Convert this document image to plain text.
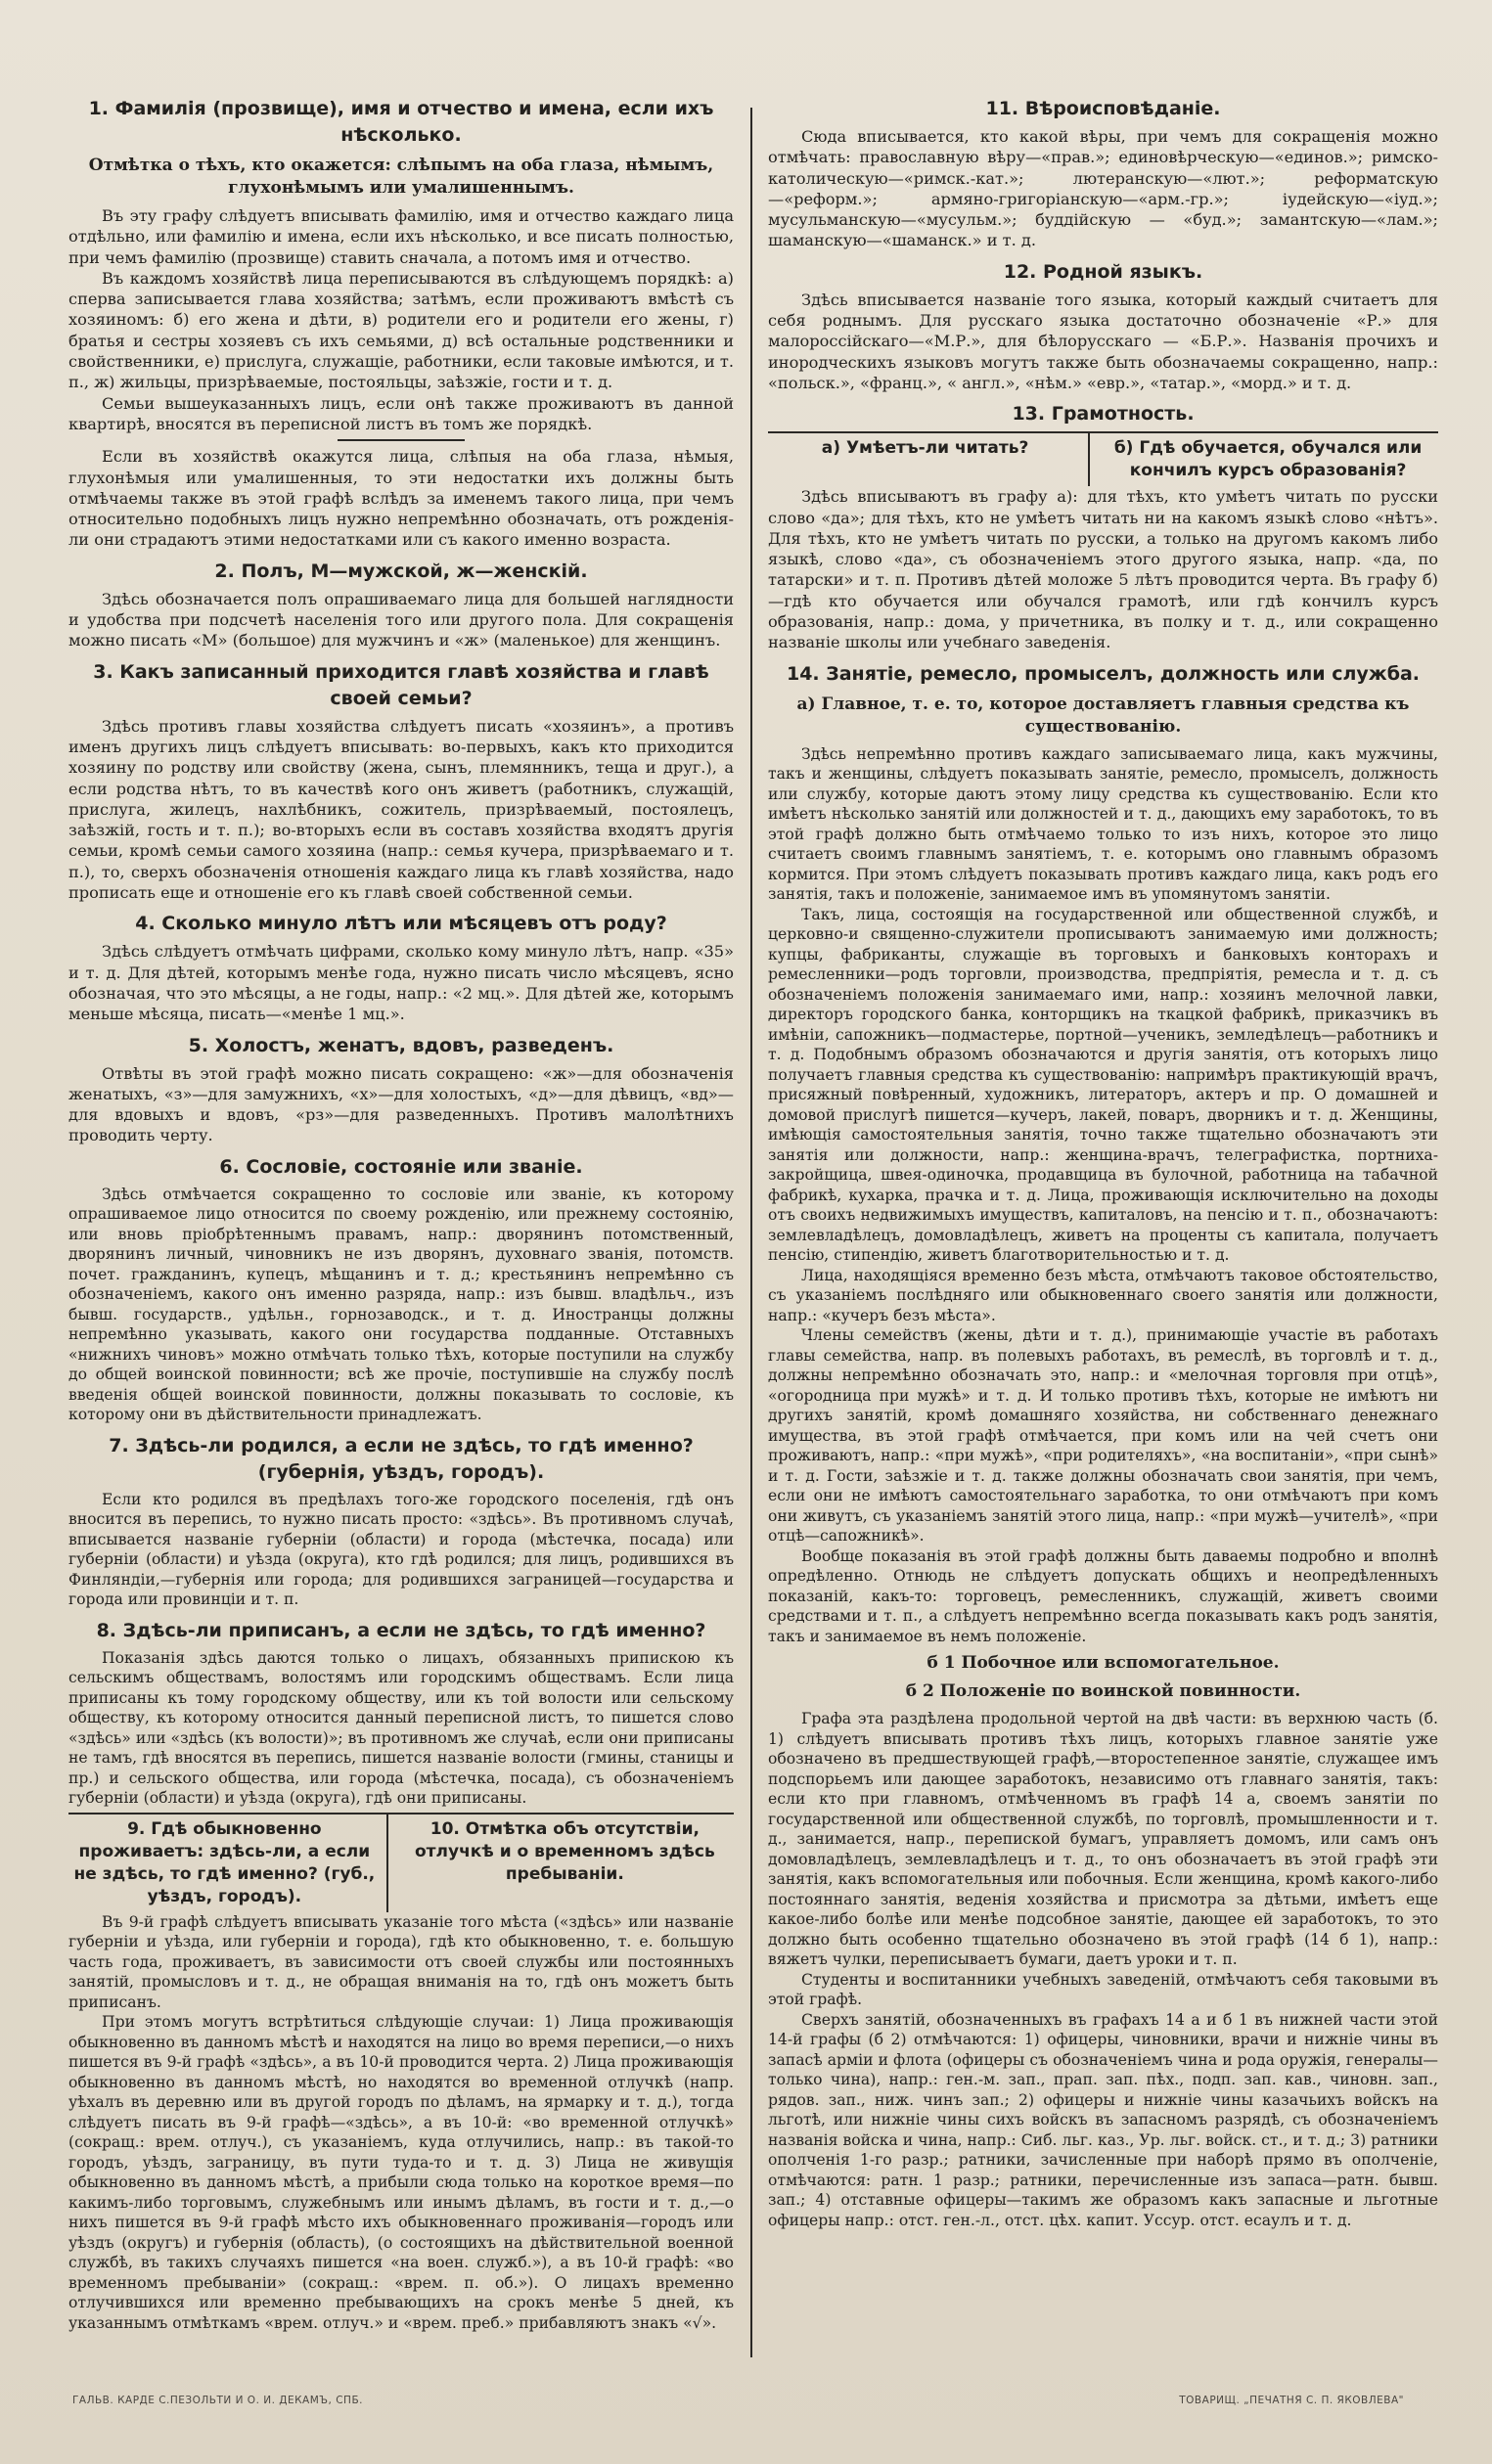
1. Фамилія (прозвище), имя и отчество и имена, если ихъ нѣсколько.
Отмѣтка о тѣхъ, кто окажется: слѣпымъ на оба глаза, нѣмымъ, глухонѣмымъ или умалишеннымъ.

Въ эту графу слѣдуетъ вписывать фамилію, имя и отчество каждаго лица отдѣльно, или фамилію и имена, если ихъ нѣсколько, и все писать полностью, при чемъ фамилію (прозвище) ставить сначала, а потомъ имя и отчество.

Въ каждомъ хозяйствѣ лица переписываются въ слѣдующемъ порядкѣ: а) сперва записывается глава хозяйства; затѣмъ, если проживаютъ вмѣстѣ съ хозяиномъ: б) его жена и дѣти, в) родители его и родители его жены, г) братья и сестры хозяевъ съ ихъ семьями, д) всѣ остальные родственники и свойственники, е) прислуга, служащіе, работники, если таковые имѣются, и т. п., ж) жильцы, призрѣваемые, постояльцы, заѣзжіе, гости и т. д.

Семьи вышеуказанныхъ лицъ, если онѣ также проживаютъ въ данной квартирѣ, вносятся въ переписной листъ въ томъ же порядкѣ.

Если въ хозяйствѣ окажутся лица, слѣпыя на оба глаза, нѣмыя, глухонѣмыя или умалишенныя, то эти недостатки ихъ должны быть отмѣчаемы также въ этой графѣ вслѣдъ за именемъ такого лица, при чемъ относительно подобныхъ лицъ нужно непремѣнно обозначать, отъ рожденія-ли они страдаютъ этими недостатками или съ какого именно возраста.

2. Полъ, М—мужской, ж—женскій.

Здѣсь обозначается полъ опрашиваемаго лица для большей наглядности и удобства при подсчетѣ населенія того или другого пола. Для сокращенія можно писать «М» (большое) для мужчинъ и «ж» (маленькое) для женщинъ.

3. Какъ записанный приходится главѣ хозяйства и главѣ своей семьи?

Здѣсь противъ главы хозяйства слѣдуетъ писать «хозяинъ», а противъ именъ другихъ лицъ слѣдуетъ вписывать: во-первыхъ, какъ кто приходится хозяину по родству или свойству (жена, сынъ, племянникъ, теща и друг.), а если родства нѣтъ, то въ качествѣ кого онъ живетъ (работникъ, служащій, прислуга, жилецъ, нахлѣбникъ, сожитель, призрѣваемый, постоялецъ, заѣзжій, гость и т. п.); во-вторыхъ если въ составъ хозяйства входятъ другія семьи, кромѣ семьи самого хозяина (напр.: семья кучера, призрѣваемаго и т. п.), то, сверхъ обозначенія отношенія каждаго лица къ главѣ хозяйства, надо прописать еще и отношеніе его къ главѣ своей собственной семьи.

4. Сколько минуло лѣтъ или мѣсяцевъ отъ роду?

Здѣсь слѣдуетъ отмѣчать цифрами, сколько кому минуло лѣтъ, напр. «35» и т. д. Для дѣтей, которымъ менѣе года, нужно писать число мѣсяцевъ, ясно обозначая, что это мѣсяцы, а не годы, напр.: «2 мц.». Для дѣтей же, которымъ меньше мѣсяца, писать—«менѣе 1 мц.».

5. Холостъ, женатъ, вдовъ, разведенъ.

Отвѣты въ этой графѣ можно писать сокращено: «ж»—для обозначенія женатыхъ, «з»—для замужнихъ, «х»—для холостыхъ, «д»—для дѣвицъ, «вд»—для вдовыхъ и вдовъ, «рз»—для разведенныхъ. Противъ малолѣтнихъ проводить черту.

6. Сословіе, состояніе или званіе.

Здѣсь отмѣчается сокращенно то сословіе или званіе, къ которому опрашиваемое лицо относится по своему рожденію, или прежнему состоянію, или вновь пріобрѣтеннымъ правамъ, напр.: дворянинъ потомственный, дворянинъ личный, чиновникъ не изъ дворянъ, духовнаго званія, потомств. почет. гражданинъ, купецъ, мѣщанинъ и т. д.; крестьянинъ непремѣнно съ обозначеніемъ, какого онъ именно разряда, напр.: изъ бывш. владѣльч., изъ бывш. государств., удѣльн., горнозаводск., и т. д. Иностранцы должны непремѣнно указывать, какого они государства подданные. Отставныхъ «нижнихъ чиновъ» можно отмѣчать только тѣхъ, которые поступили на службу до общей воинской повинности; всѣ же прочіе, поступившіе на службу послѣ введенія общей воинской повинности, должны показывать то сословіе, къ которому они въ дѣйствительности принадлежатъ.

7. Здѣсь-ли родился, а если не здѣсь, то гдѣ именно? (губернія, уѣздъ, городъ).

Если кто родился въ предѣлахъ того-же городского поселенія, гдѣ онъ вносится въ перепись, то нужно писать просто: «здѣсь». Въ противномъ случаѣ, вписывается названіе губерніи (области) и города (мѣстечка, посада) или губерніи (области) и уѣзда (округа), кто гдѣ родился; для лицъ, родившихся въ Финляндіи,—губернія или города; для родившихся заграницей—государства и города или провинціи и т. п.

8. Здѣсь-ли приписанъ, а если не здѣсь, то гдѣ именно?

Показанія здѣсь даются только о лицахъ, обязанныхъ припискою къ сельскимъ обществамъ, волостямъ или городскимъ обществамъ. Если лица приписаны къ тому городскому обществу, или къ той волости или сельскому обществу, къ которому относится данный переписной листъ, то пишется слово «здѣсь» или «здѣсь (къ волости)»; въ противномъ же случаѣ, если они приписаны не тамъ, гдѣ вносятся въ перепись, пишется названіе волости (гмины, станицы и пр.) и сельского общества, или города (мѣстечка, посада), съ обозначеніемъ губерніи (области) и уѣзда (округа), гдѣ они приписаны.

9. Гдѣ обыкновенно проживаетъ: здѣсь-ли, а если не здѣсь, то гдѣ именно? (губ., уѣздъ, городъ).
10. Отмѣтка объ отсутствіи, отлучкѣ и о временномъ здѣсь пребываніи.

Въ 9-й графѣ слѣдуетъ вписывать указаніе того мѣста («здѣсь» или названіе губерніи и уѣзда, или губерніи и города), гдѣ кто обыкновенно, т. е. большую часть года, проживаетъ, въ зависимости отъ своей службы или постоянныхъ занятій, промысловъ и т. д., не обращая вниманія на то, гдѣ онъ можетъ быть приписанъ.

При этомъ могутъ встрѣтиться слѣдующіе случаи: 1) Лица проживающія обыкновенно въ данномъ мѣстѣ и находятся на лицо во время переписи,—о нихъ пишется въ 9-й графѣ «здѣсь», а въ 10-й проводится черта. 2) Лица проживающія обыкновенно въ данномъ мѣстѣ, но находятся во временной отлучкѣ (напр. уѣхалъ въ деревню или въ другой городъ по дѣламъ, на ярмарку и т. д.), тогда слѣдуетъ писать въ 9-й графѣ—«здѣсь», а въ 10-й: «во временной отлучкѣ» (сокращ.: врем. отлуч.), съ указаніемъ, куда отлучились, напр.: въ такой-то городъ, уѣздъ, заграницу, въ пути туда-то и т. д. 3) Лица не живущія обыкновенно въ данномъ мѣстѣ, а прибыли сюда только на короткое время—по какимъ-либо торговымъ, служебнымъ или инымъ дѣламъ, въ гости и т. д.,—о нихъ пишется въ 9-й графѣ мѣсто ихъ обыкновеннаго проживанія—городъ или уѣздъ (округъ) и губернія (область), (о состоящихъ на дѣйствительной военной службѣ, въ такихъ случаяхъ пишется «на воен. служб.»), а въ 10-й графѣ: «во временномъ пребываніи» (сокращ.: «врем. п. об.»). О лицахъ временно отлучившихся или временно пребывающихъ на срокъ менѣе 5 дней, къ указаннымъ отмѣткамъ «врем. отлуч.» и «врем. преб.» прибавляютъ знакъ «√».

11. Вѣроисповѣданіе.

Сюда вписывается, кто какой вѣры, при чемъ для сокращенія можно отмѣчать: православную вѣру—«прав.»; единовѣрческую—«единов.»; римско-католическую—«римск.-кат.»; лютеранскую—«лют.»; реформатскую—«реформ.»; армяно-григоріанскую—«арм.-гр.»; іудейскую—«іуд.»; мусульманскую—«мусульм.»; буддійскую — «буд.»; замантскую—«лам.»; шаманскую—«шаманск.» и т. д.

12. Родной языкъ.

Здѣсь вписывается названіе того языка, который каждый считаетъ для себя роднымъ. Для русскаго языка достаточно обозначеніе «Р.» для малороссійскаго—«М.Р.», для бѣлорусскаго — «Б.Р.». Названія прочихъ и инородческихъ языковъ могутъ также быть обозначаемы сокращенно, напр.: «польск.», «франц.», « англ.», «нѣм.» «евр.», «татар.», «морд.» и т. д.

13. Грамотность.
а) Умѣетъ-ли читать?	б) Гдѣ обучается, обучался или кончилъ курсъ образованія?

Здѣсь вписываютъ въ графу а): для тѣхъ, кто умѣетъ читать по русски слово «да»; для тѣхъ, кто не умѣетъ читать ни на какомъ языкѣ слово «нѣтъ». Для тѣхъ, кто не умѣетъ читать по русски, а только на другомъ какомъ либо языкѣ, слово «да», съ обозначеніемъ этого другого языка, напр. «да, по татарски» и т. п. Противъ дѣтей моложе 5 лѣтъ проводится черта. Въ графу б)—гдѣ кто обучается или обучался грамотѣ, или гдѣ кончилъ курсъ образованія, напр.: дома, у причетника, въ полку и т. д., или сокращенно названіе школы или учебнаго заведенія.

14. Занятіе, ремесло, промыселъ, должность или служба.
а) Главное, т. е. то, которое доставляетъ главныя средства къ существованію.

Здѣсь непремѣнно противъ каждаго записываемаго лица, какъ мужчины, такъ и женщины, слѣдуетъ показывать занятіе, ремесло, промыселъ, должность или службу, которые даютъ этому лицу средства къ существованію. Если кто имѣетъ нѣсколько занятій или должностей и т. д., дающихъ ему заработокъ, то въ этой графѣ должно быть отмѣчаемо только то изъ нихъ, которое это лицо считаетъ своимъ главнымъ занятіемъ, т. е. которымъ оно главнымъ образомъ кормится. При этомъ слѣдуетъ показывать противъ каждаго лица, какъ родъ его занятія, такъ и положеніе, занимаемое имъ въ упомянутомъ занятіи.

Такъ, лица, состоящія на государственной или общественной службѣ, и церковно-и священно-служители прописываютъ занимаемую ими должность; купцы, фабриканты, служащіе въ торговыхъ и банковыхъ конторахъ и ремесленники—родъ торговли, производства, предпріятія, ремесла и т. д. съ обозначеніемъ положенія занимаемаго ими, напр.: хозяинъ мелочной лавки, директоръ городского банка, конторщикъ на ткацкой фабрикѣ, приказчикъ въ имѣніи, сапожникъ—подмастерье, портной—ученикъ, земледѣлецъ—работникъ и т. д. Подобнымъ образомъ обозначаются и другія занятія, отъ которыхъ лицо получаетъ главныя средства къ существованію: напримѣръ практикующій врачъ, присяжный повѣренный, художникъ, литераторъ, актеръ и пр. О домашней и домовой прислугѣ пишется—кучеръ, лакей, поваръ, дворникъ и т. д. Женщины, имѣющія самостоятельныя занятія, точно также тщательно обозначаютъ эти занятія или должности, напр.: женщина-врачъ, телеграфистка, портниха-закройщица, швея-одиночка, продавщица въ булочной, работница на табачной фабрикѣ, кухарка, прачка и т. д. Лица, проживающія исключительно на доходы отъ своихъ недвижимыхъ имуществъ, капиталовъ, на пенсію и т. п., обозначаютъ: землевладѣлецъ, домовладѣлецъ, живетъ на проценты съ капитала, получаетъ пенсію, стипендію, живетъ благотворительностью и т. д.

Лица, находящіяся временно безъ мѣста, отмѣчаютъ таковое обстоятельство, съ указаніемъ послѣдняго или обыкновеннаго своего занятія или должности, напр.: «кучеръ безъ мѣста».

Члены семействъ (жены, дѣти и т. д.), принимающіе участіе въ работахъ главы семейства, напр. въ полевыхъ работахъ, въ ремеслѣ, въ торговлѣ и т. д., должны непремѣнно обозначать это, напр.: и «мелочная торговля при отцѣ», «огородница при мужѣ» и т. д. И только противъ тѣхъ, которые не имѣютъ ни другихъ занятій, кромѣ домашняго хозяйства, ни собственнаго денежнаго имущества, въ этой графѣ отмѣчается, при комъ или на чей счетъ они проживаютъ, напр.: «при мужѣ», «при родителяхъ», «на воспитаніи», «при сынѣ» и т. д. Гости, заѣзжіе и т. д. также должны обозначать свои занятія, при чемъ, если они не имѣютъ самостоятельнаго заработка, то они отмѣчаютъ при комъ они живутъ, съ указаніемъ занятій этого лица, напр.: «при мужѣ—учителѣ», «при отцѣ—сапожникѣ».

Вообще показанія въ этой графѣ должны быть даваемы подробно и вполнѣ опредѣленно. Отнюдь не слѣдуетъ допускать общихъ и неопредѣленныхъ показаній, какъ-то: торговецъ, ремесленникъ, служащій, живетъ своими средствами и т. п., а слѣдуетъ непремѣнно всегда показывать какъ родъ занятія, такъ и занимаемое въ немъ положеніе.

б 1 Побочное или вспомогательное.
б 2 Положеніе по воинской повинности.

Графа эта раздѣлена продольной чертой на двѣ части: въ верхнюю часть (б. 1) слѣдуетъ вписывать противъ тѣхъ лицъ, которыхъ главное занятіе уже обозначено въ предшествующей графѣ,—второстепенное занятіе, служащее имъ подспорьемъ или дающее заработокъ, независимо отъ главнаго занятія, такъ: если кто при главномъ, отмѣченномъ въ графѣ 14 а, своемъ занятіи по государственной или общественной службѣ, по торговлѣ, промышленности и т. д., занимается, напр., перепиской бумагъ, управляетъ домомъ, или самъ онъ домовладѣлецъ, землевладѣлецъ и т. д., то онъ обозначаетъ въ этой графѣ эти занятія, какъ вспомогательныя или побочныя. Если женщина, кромѣ какого-либо постояннаго занятія, веденія хозяйства и присмотра за дѣтьми, имѣетъ еще какое-либо болѣе или менѣе подсобное занятіе, дающее ей заработокъ, то это должно быть особенно тщательно обозначено въ этой графѣ (14 б 1), напр.: вяжетъ чулки, переписываетъ бумаги, даетъ уроки и т. п.

Студенты и воспитанники учебныхъ заведеній, отмѣчаютъ себя таковыми въ этой графѣ.

Сверхъ занятій, обозначенныхъ въ графахъ 14 а и б 1 въ нижней части этой 14-й графы (б 2) отмѣчаются: 1) офицеры, чиновники, врачи и нижніе чины въ запасѣ арміи и флота (офицеры съ обозначеніемъ чина и рода оружія, генералы—только чина), напр.: ген.-м. зап., прап. зап. пѣх., подп. зап. кав., чиновн. зап., рядов. зап., ниж. чинъ зап.; 2) офицеры и нижніе чины казачьихъ войскъ на льготѣ, или нижніе чины сихъ войскъ въ запасномъ разрядѣ, съ обозначеніемъ названія войска и чина, напр.: Сиб. льг. каз., Ур. льг. войск. ст., и т. д.; 3) ратники ополченія 1-го разр.; ратники, зачисленные при наборѣ прямо въ ополченіе, отмѣчаются: ратн. 1 разр.; ратники, перечисленные изъ запаса—ратн. бывш. зап.; 4) отставные офицеры—такимъ же образомъ какъ запасные и льготные офицеры напр.: отст. ген.-л., отст. цѣх. капит. Уссур. отст. есаулъ и т. д.

ГАЛЬВ. КАРДЕ С.ПЕЗОЛЬТИ И О. И. ДЕКАМЪ, СПБ.	ТОВАРИЩ. „ПЕЧАТНЯ С. П. ЯКОВЛЕВА"
